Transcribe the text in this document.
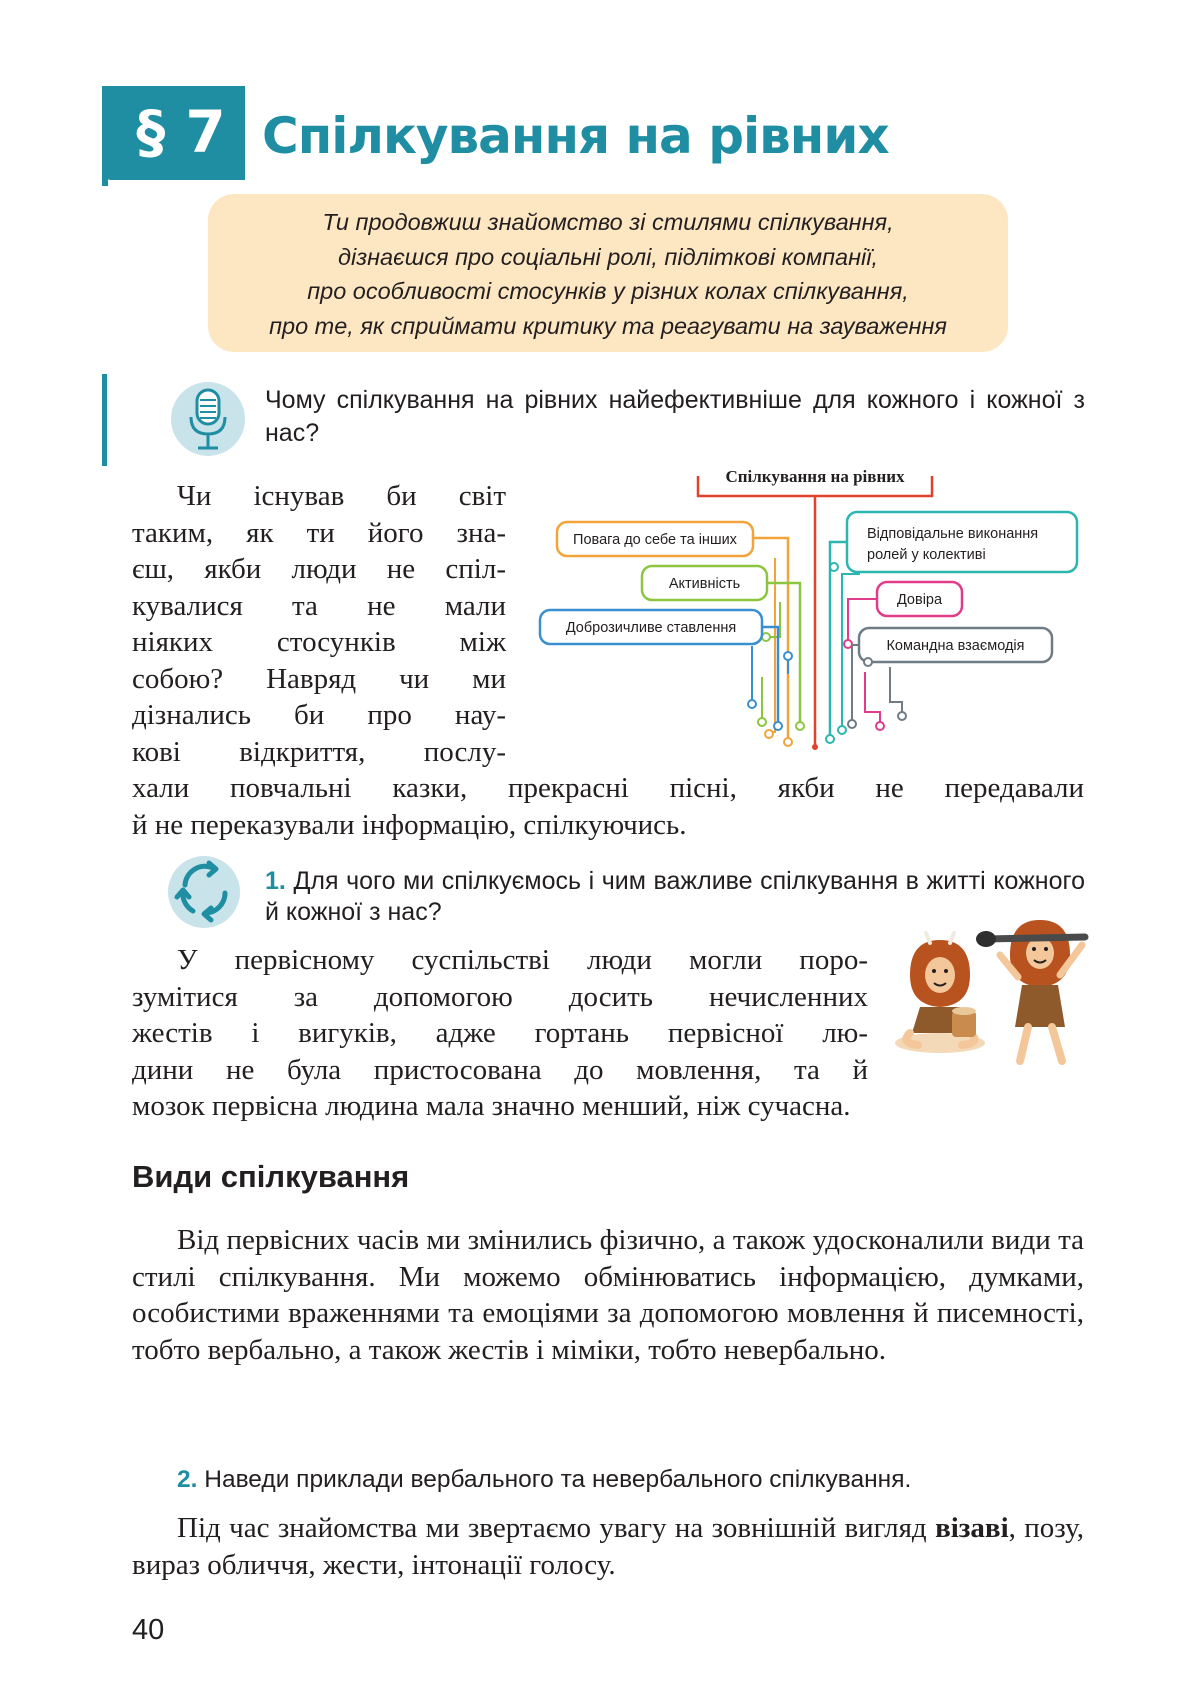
§ 7 Спілкування на рівних
Ти продовжиш знайомство зі стилями спілкування,
дізнаєшся про соціальні ролі, підліткові компанії,
про особливості стосунків у різних колах спілкування,
про те, як сприймати критику та реагувати на зауваження
Чому спілкування на рівних найефективніше для кожного і кожної з нас?
Чи існував би світ
таким, як ти його зна-
єш, якби люди не спіл-
кувалися та не мали
ніяких стосунків між
собою? Навряд чи ми
дізнались би про нау-
кові відкриття, послу-
хали повчальні казки, прекрасні пісні, якби не передавали
й не переказували інформацію, спілкуючись.
Спілкування на рівних
Повага до себе та інших
Активність
Доброзичливе ставлення
Відповідальне виконання
ролей у колективі
Довіра
Командна взаємодія
1. Для чого ми спілкуємось і чим важливе спілкування в житті кожного й кожної з нас?
У первісному суспільстві люди могли поро-
зумітися за допомогою досить нечисленних
жестів і вигуків, адже гортань первісної лю-
дини не була пристосована до мовлення, та й
мозок первісна людина мала значно менший, ніж сучасна.
Види спілкування
Від первісних часів ми змінились фізично, а також удосконалили види та стилі спілкування. Ми можемо обмінюватись інформацією, думками, особистими враженнями та емоціями за допомогою мовлення й писемності, тобто вербально, а також жестів і міміки, тобто невербально.
2. Наведи приклади вербального та невербального спілкування.
Під час знайомства ми звертаємо увагу на зовнішній вигляд візаві, позу, вираз обличчя, жести, інтонації голосу.
40
